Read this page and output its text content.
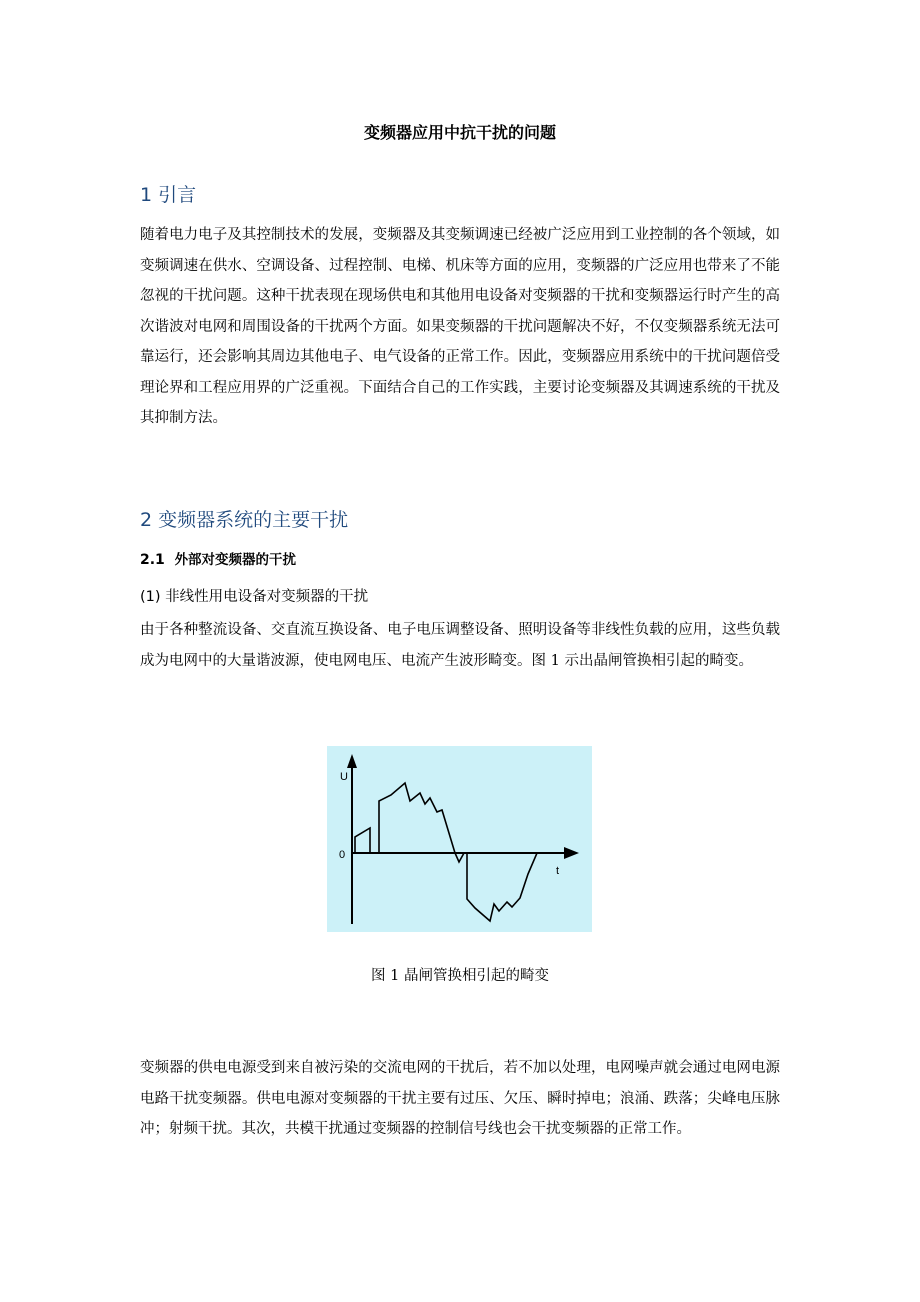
变频器应用中抗干扰的问题
1 引言

随着电力电子及其控制技术的发展，变频器及其变频调速已经被广泛应用到工业控制的各个领域，如变频调速在供水、空调设备、过程控制、电梯、机床等方面的应用，变频器的广泛应用也带来了不能忽视的干扰问题。这种干扰表现在现场供电和其他用电设备对变频器的干扰和变频器运行时产生的高次谐波对电网和周围设备的干扰两个方面。如果变频器的干扰问题解决不好，不仅变频器系统无法可靠运行，还会影响其周边其他电子、电气设备的正常工作。因此，变频器应用系统中的干扰问题倍受理论界和工程应用界的广泛重视。下面结合自己的工作实践，主要讨论变频器及其调速系统的干扰及其抑制方法。

2 变频器系统的主要干扰
2.1 外部对变频器的干扰
(1) 非线性用电设备对变频器的干扰

由于各种整流设备、交直流互换设备、电子电压调整设备、照明设备等非线性负载的应用，这些负载成为电网中的大量谐波源，使电网电压、电流产生波形畸变。图 1 示出晶闸管换相引起的畸变。

U
0
t
图 1 晶闸管换相引起的畸变

变频器的供电电源受到来自被污染的交流电网的干扰后，若不加以处理，电网噪声就会通过电网电源电路干扰变频器。供电电源对变频器的干扰主要有过压、欠压、瞬时掉电；浪涌、跌落；尖峰电压脉冲；射频干扰。其次，共模干扰通过变频器的控制信号线也会干扰变频器的正常工作。
